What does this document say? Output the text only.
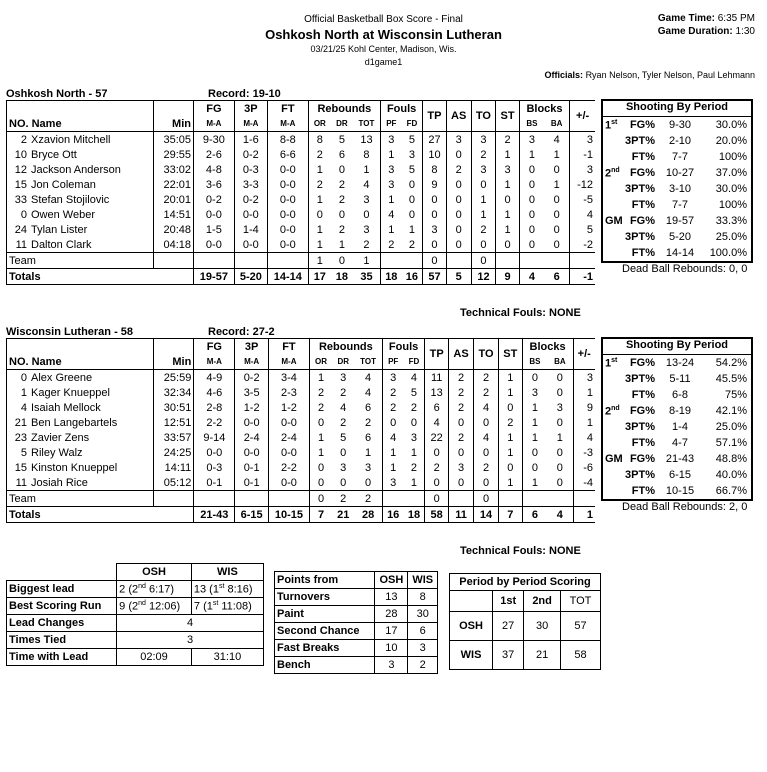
Official Basketball Box Score - Final
Oshkosh North at Wisconsin Lutheran
03/21/25 Kohl Center, Madison, Wis.
d1game1
Game Time: 6:35 PM
Game Duration: 1:30
Officials: Ryan Nelson, Tyler Nelson, Paul Lehmann
Oshkosh North - 57	Record: 19-10
			FG	3P	FT	Rebounds			Fouls		TP	AS	TO	ST	Blocks		+/-
NO. Name		Min	M-A	M-A	M-A	OR	DR	TOT	PF	FD					BS	BA	
2	Xzavion Mitchell	35:05	9-30	1-6	8-8	8	5	13	3	5	27	3	3	2	3	4	3
10	Bryce Ott	29:55	2-6	0-2	6-6	2	6	8	1	3	10	0	2	1	1	1	-1
12	Jackson Anderson	33:02	4-8	0-3	0-0	1	0	1	3	5	8	2	3	3	0	0	3
15	Jon Coleman	22:01	3-6	3-3	0-0	2	2	4	3	0	9	0	0	1	0	1	-12
33	Stefan Stojilovic	20:01	0-2	0-2	0-0	1	2	3	1	0	0	0	1	0	0	0	-5
0	Owen Weber	14:51	0-0	0-0	0-0	0	0	0	4	0	0	0	1	1	0	0	4
24	Tylan Lister	20:48	1-5	1-4	0-0	1	2	3	1	1	3	0	2	1	0	0	5
11	Dalton Clark	04:18	0-0	0-0	0-0	1	1	2	2	2	0	0	0	0	0	0	-2
Team						1	0	1			0		0				
Totals			19-57	5-20	14-14	17	18	35	18	16	57	5	12	9	4	6	-1
Technical Fouls: NONE
Shooting By Period
1st FG%	9-30	30.0%
3PT%	2-10	20.0%
FT%	7-7	100%
2nd FG% 10-27	37.0%
3PT%	3-10	30.0%
FT%	7-7	100%
GM FG% 19-57	33.3%
3PT%	5-20	25.0%
FT% 14-14	100.0%
Dead Ball Rebounds: 0, 0
Wisconsin Lutheran - 58	Record: 27-2
			FG	3P	FT	Rebounds			Fouls		TP	AS	TO	ST	Blocks		+/-
NO. Name		Min	M-A	M-A	M-A	OR	DR	TOT	PF	FD					BS	BA	
0	Alex Greene	25:59	4-9	0-2	3-4	1	3	4	3	4	11	2	2	1	0	0	3
1	Kager Knueppel	32:34	4-6	3-5	2-3	2	2	4	2	5	13	2	2	1	3	0	1
4	Isaiah Mellock	30:51	2-8	1-2	1-2	2	4	6	2	2	6	2	4	0	1	3	9
21	Ben Langebartels	12:51	2-2	0-0	0-0	0	2	2	0	0	4	0	0	2	1	0	1
23	Zavier Zens	33:57	9-14	2-4	2-4	1	5	6	4	3	22	2	4	1	1	1	4
5	Riley Walz	24:25	0-0	0-0	0-0	1	0	1	1	1	0	0	0	1	0	0	-3
15	Kinston Knueppel	14:11	0-3	0-1	2-2	0	3	3	1	2	2	3	2	0	0	0	-6
11	Josiah Rice	05:12	0-1	0-1	0-0	0	0	0	3	1	0	0	0	1	1	0	-4
Team						0	2	2			0		0				
Totals			21-43	6-15	10-15	7	21	28	16	18	58	11	14	7	6	4	1
Technical Fouls: NONE
Shooting By Period
1st FG% 13-24	54.2%
3PT%	5-11	45.5%
FT%	6-8	75%
2nd FG%	8-19	42.1%
3PT%	1-4	25.0%
FT%	4-7	57.1%
GM FG% 21-43	48.8%
3PT%	6-15	40.0%
FT% 10-15	66.7%
Dead Ball Rebounds: 2, 0
	OSH	WIS
Biggest lead	2 (2nd 6:17)	13 (1st 8:16)
Best Scoring Run	9 (2nd 12:06)	7 (1st 11:08)
Lead Changes	4	
Times Tied	3	
Time with Lead	02:09	31:10
Points from	OSH	WIS
Turnovers	13	8
Paint	28	30
Second Chance	17	6
Fast Breaks	10	3
Bench	3	2
Period by Period Scoring			
	1st	2nd	TOT
OSH	27	30	57
WIS	37	21	58
